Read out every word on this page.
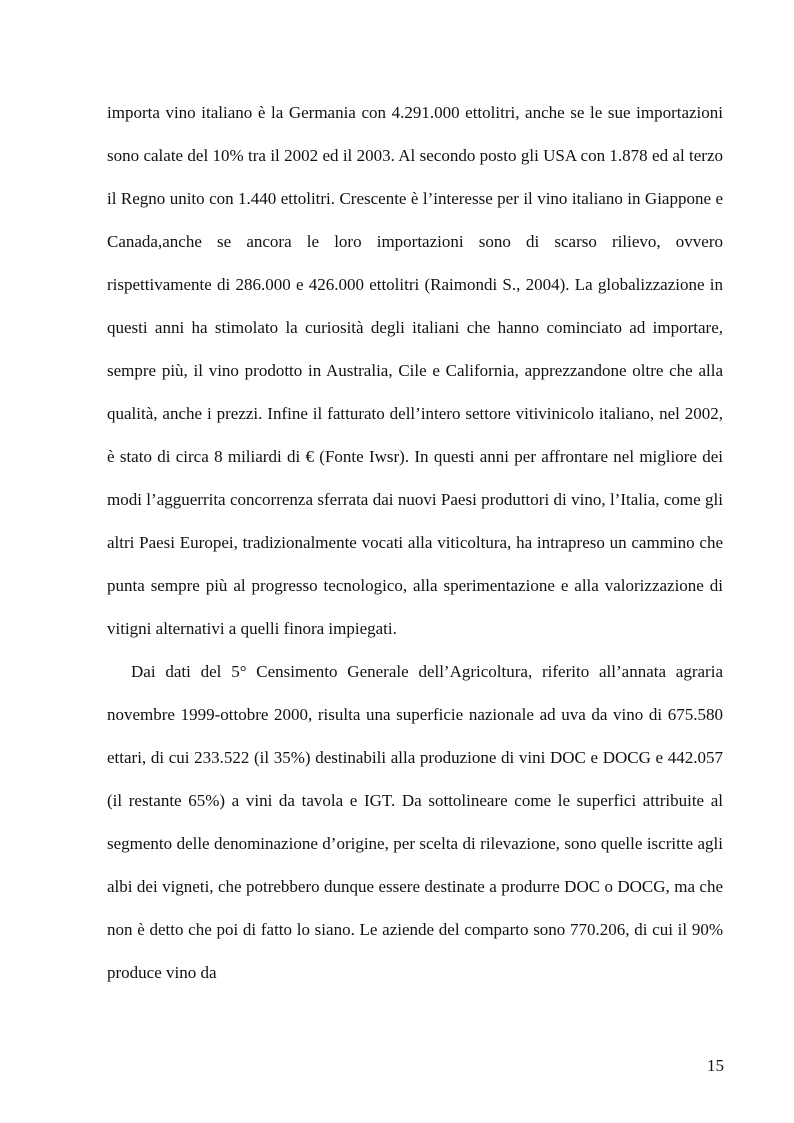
importa vino italiano è la Germania con 4.291.000 ettolitri, anche se le sue importazioni sono calate del 10% tra il 2002 ed il 2003. Al secondo posto gli USA con 1.878 ed al terzo il Regno unito con 1.440 ettolitri. Crescente è l’interesse per il vino italiano in Giappone e Canada,anche se ancora le loro importazioni sono di scarso rilievo, ovvero rispettivamente di 286.000 e 426.000 ettolitri (Raimondi S., 2004). La globalizzazione in questi anni ha stimolato la curiosità degli italiani che hanno cominciato ad importare, sempre più, il vino prodotto in Australia, Cile e California, apprezzandone oltre che alla qualità, anche i prezzi. Infine il fatturato dell’intero settore vitivinicolo italiano, nel 2002, è stato di circa 8 miliardi di € (Fonte Iwsr). In questi anni per affrontare nel migliore dei modi l’agguerrita concorrenza sferrata dai nuovi Paesi produttori di vino, l’Italia, come gli altri Paesi Europei, tradizionalmente vocati alla viticoltura, ha intrapreso un cammino che punta sempre più al progresso tecnologico, alla sperimentazione e alla valorizzazione di vitigni alternativi a quelli finora impiegati.

Dai dati del 5° Censimento Generale dell’Agricoltura, riferito all’annata agraria novembre 1999-ottobre 2000, risulta una superficie nazionale ad uva da vino di 675.580 ettari, di cui 233.522 (il 35%) destinabili alla produzione di vini DOC e DOCG e 442.057 (il restante 65%) a vini da tavola e IGT. Da sottolineare come le superfici attribuite al segmento delle denominazione d’origine, per scelta di rilevazione, sono quelle iscritte agli albi dei vigneti, che potrebbero dunque essere destinate a produrre DOC o DOCG, ma che non è detto che poi di fatto lo siano. Le aziende del comparto sono 770.206, di cui il 90% produce vino da

15
